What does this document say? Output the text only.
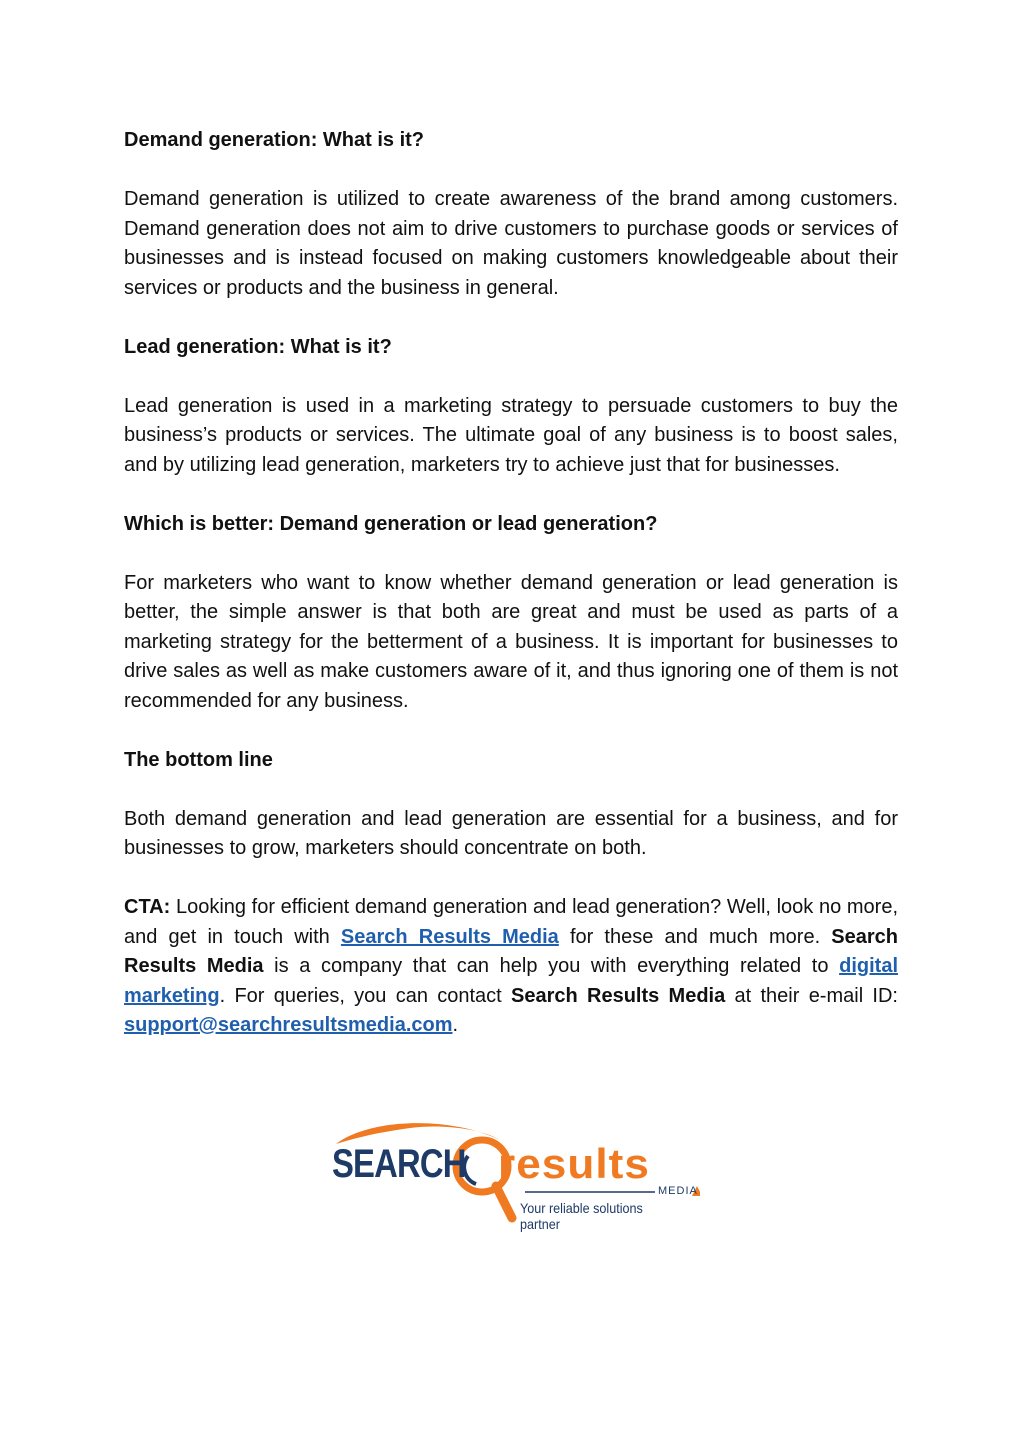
Demand generation: What is it?

Demand generation is utilized to create awareness of the brand among customers. Demand generation does not aim to drive customers to purchase goods or services of businesses and is instead focused on making customers knowledgeable about their services or products and the business in general.

Lead generation: What is it?

Lead generation is used in a marketing strategy to persuade customers to buy the business’s products or services. The ultimate goal of any business is to boost sales, and by utilizing lead generation, marketers try to achieve just that for businesses.

Which is better: Demand generation or lead generation?

For marketers who want to know whether demand generation or lead generation is better, the simple answer is that both are great and must be used as parts of a marketing strategy for the betterment of a business. It is important for businesses to drive sales as well as make customers aware of it, and thus ignoring one of them is not recommended for any business.

The bottom line

Both demand generation and lead generation are essential for a business, and for businesses to grow, marketers should concentrate on both.

CTA: Looking for efficient demand generation and lead generation? Well, look no more, and get in touch with Search Results Media for these and much more. Search Results Media is a company that can help you with everything related to digital marketing. For queries, you can contact Search Results Media at their e-mail ID: support@searchresultsmedia.com.

SEARCH results
MEDIA
Your reliable solutions partner
